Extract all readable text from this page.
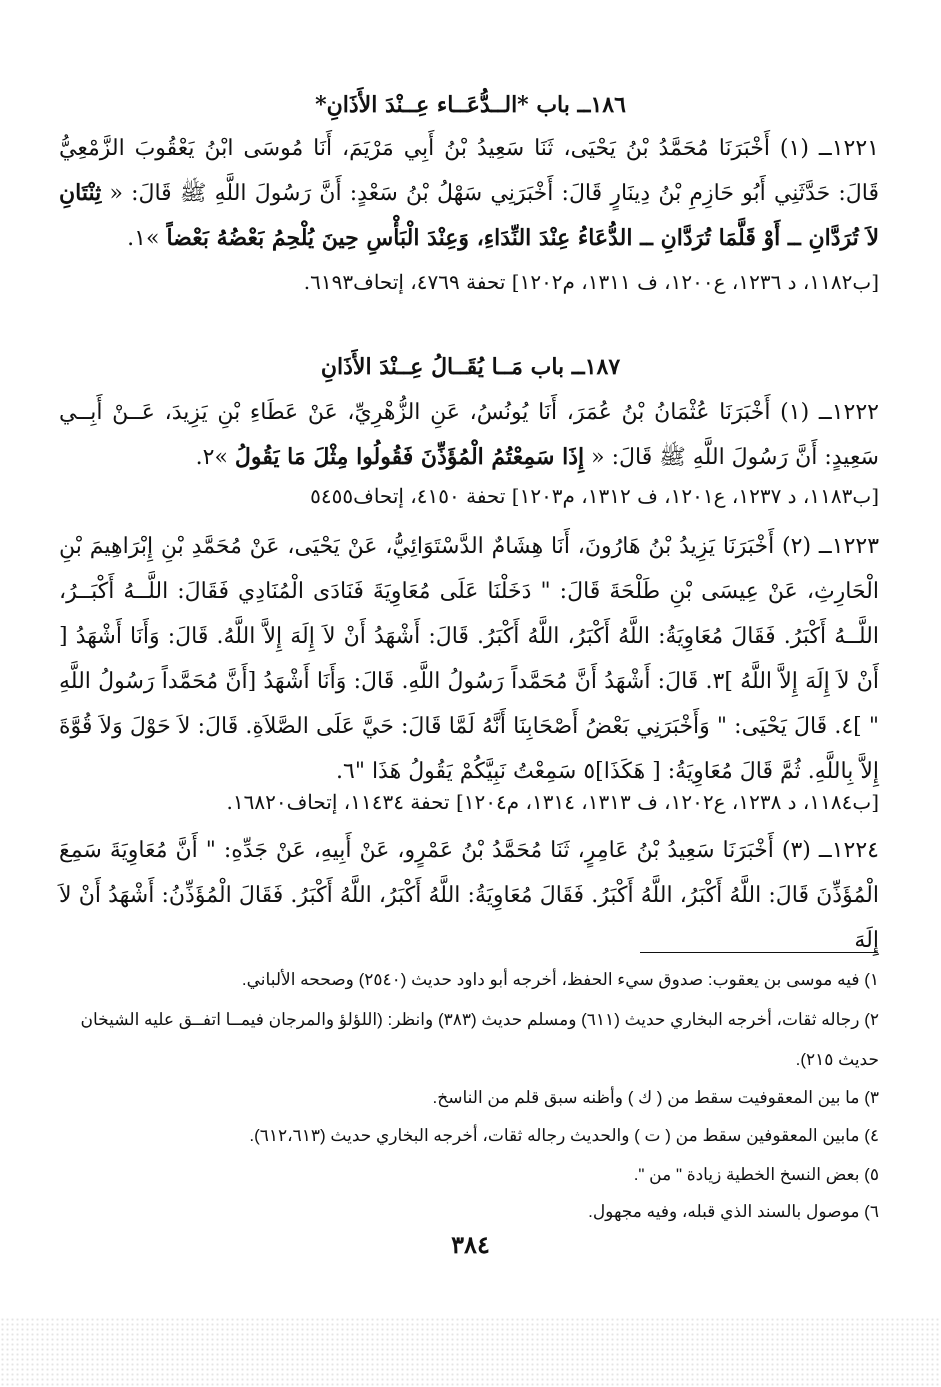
١٨٦ــ باب *الــدُّعَــاء عِــنْدَ الأَذَانِ*
١٢٢١ــ (١) أَخْبَرَنَا مُحَمَّدُ بْنُ يَحْيَى، ثَنَا سَعِيدُ بْنُ أَبِي مَرْيَمَ، أَنَا مُوسَى ابْنُ يَعْقُوبَ الزَّمْعِيُّ قَالَ: حَدَّثَنِي أَبُو حَازِمِ بْنُ دِينَارٍ قَالَ: أَخْبَرَنِي سَهْلُ بْنُ سَعْدٍ: أَنَّ رَسُولَ اللَّهِ ﷺ قَالَ: « ثِنْتَانِ لاَ تُرَدَّانِ ــ أَوْ قَلَّمَا تُرَدَّانِ ــ الدُّعَاءُ عِنْدَ النِّدَاءِ، وَعِنْدَ الْبَأْسِ حِينَ يُلْحِمُ بَعْضُهُ بَعْضاً »١.
[ب١١٨٢، د ١٢٣٦، ع١٢٠٠، ف ١٣١١، م١٢٠٢] تحفة ٤٧٦٩، إتحاف٦١٩٣.
١٨٧ــ باب مَــا يُقَــالُ عِــنْدَ الأَذَانِ
١٢٢٢ــ (١) أَخْبَرَنَا عُثْمَانُ بْنُ عُمَرَ، أَنَا يُونُسُ، عَنِ الزُّهْرِيِّ، عَنْ عَطَاءِ بْنِ يَزِيدَ، عَــنْ أَبِــي سَعِيدٍ: أَنَّ رَسُولَ اللَّهِ ﷺ قَالَ: « إِذَا سَمِعْتُمُ الْمُؤَذِّنَ فَقُولُوا مِثْلَ مَا يَقُولُ »٢.
[ب١١٨٣، د ١٢٣٧، ع١٢٠١، ف ١٣١٢، م١٢٠٣] تحفة ٤١٥٠، إتحاف٥٤٥٥
١٢٢٣ــ (٢) أَخْبَرَنَا يَزِيدُ بْنُ هَارُونَ، أَنَا هِشَامٌ الدَّسْتَوَائِيُّ، عَنْ يَحْيَى، عَنْ مُحَمَّدِ بْنِ إِبْرَاهِيمَ بْنِ الْحَارِثِ، عَنْ عِيسَى بْنِ طَلْحَةَ قَالَ: " دَخَلْنَا عَلَى مُعَاوِيَةَ فَنَادَى الْمُنَادِي فَقَالَ: اللَّــهُ أَكْبَــرُ، اللَّــهُ أَكْبَرُ. فَقَالَ مُعَاوِيَةُ: اللَّهُ أَكْبَرُ، اللَّهُ أَكْبَرُ. قَالَ: أَشْهَدُ أَنْ لاَ إِلَهَ إِلاَّ اللَّهُ. قَالَ: وَأَنَا أَشْهَدُ [ أَنْ لاَ إِلَهَ إِلاَّ اللَّهُ ]٣. قَالَ: أَشْهَدُ أَنَّ مُحَمَّداً رَسُولُ اللَّهِ. قَالَ: وَأَنَا أَشْهَدُ [أَنَّ مُحَمَّداً رَسُولُ اللَّهِ " ]٤. قَالَ يَحْيَى: " وَأَخْبَرَنِي بَعْضُ أَصْحَابِنَا أَنَّهُ لَمَّا قَالَ: حَيَّ عَلَى الصَّلاَةِ. قَالَ: لاَ حَوْلَ وَلاَ قُوَّةَ إِلاَّ بِاللَّهِ. ثُمَّ قَالَ مُعَاوِيَةُ: [ هَكَذَا]٥ سَمِعْتُ نَبِيَّكُمْ يَقُولُ هَذَا "٦.
[ب١١٨٤، د ١٢٣٨، ع١٢٠٢، ف ١٣١٣، ١٣١٤، م١٢٠٤] تحفة ١١٤٣٤، إتحاف١٦٨٢٠.
١٢٢٤ــ (٣) أَخْبَرَنَا سَعِيدُ بْنُ عَامِرٍ، ثَنَا مُحَمَّدُ بْنُ عَمْرٍو، عَنْ أَبِيهِ، عَنْ جَدِّهِ: " أَنَّ مُعَاوِيَةَ سَمِعَ الْمُؤَذِّنَ قَالَ: اللَّهُ أَكْبَرُ، اللَّهُ أَكْبَرُ. فَقَالَ مُعَاوِيَةُ: اللَّهُ أَكْبَرُ، اللَّهُ أَكْبَرُ. فَقَالَ الْمُؤَذِّنُ: أَشْهَدُ أَنْ لاَ إِلَهَ
١) فيه موسى بن يعقوب: صدوق سيء الحفظ، أخرجه أبو داود حديث (٢٥٤٠) وصححه الألباني.
٢) رجاله ثقات، أخرجه البخاري حديث (٦١١) ومسلم حديث (٣٨٣) وانظر: (اللؤلؤ والمرجان فيمــا اتفــق عليه الشيخان حديث ٢١٥).
٣) ما بين المعقوفيت سقط من ( ك ) وأظنه سبق قلم من الناسخ.
٤) مابين المعقوفين سقط من ( ت ) والحديث رجاله ثقات، أخرجه البخاري حديث (٦١٢،٦١٣).
٥) بعض النسخ الخطية زيادة " من ".
٦) موصول بالسند الذي قبله، وفيه مجهول.
٣٨٤
